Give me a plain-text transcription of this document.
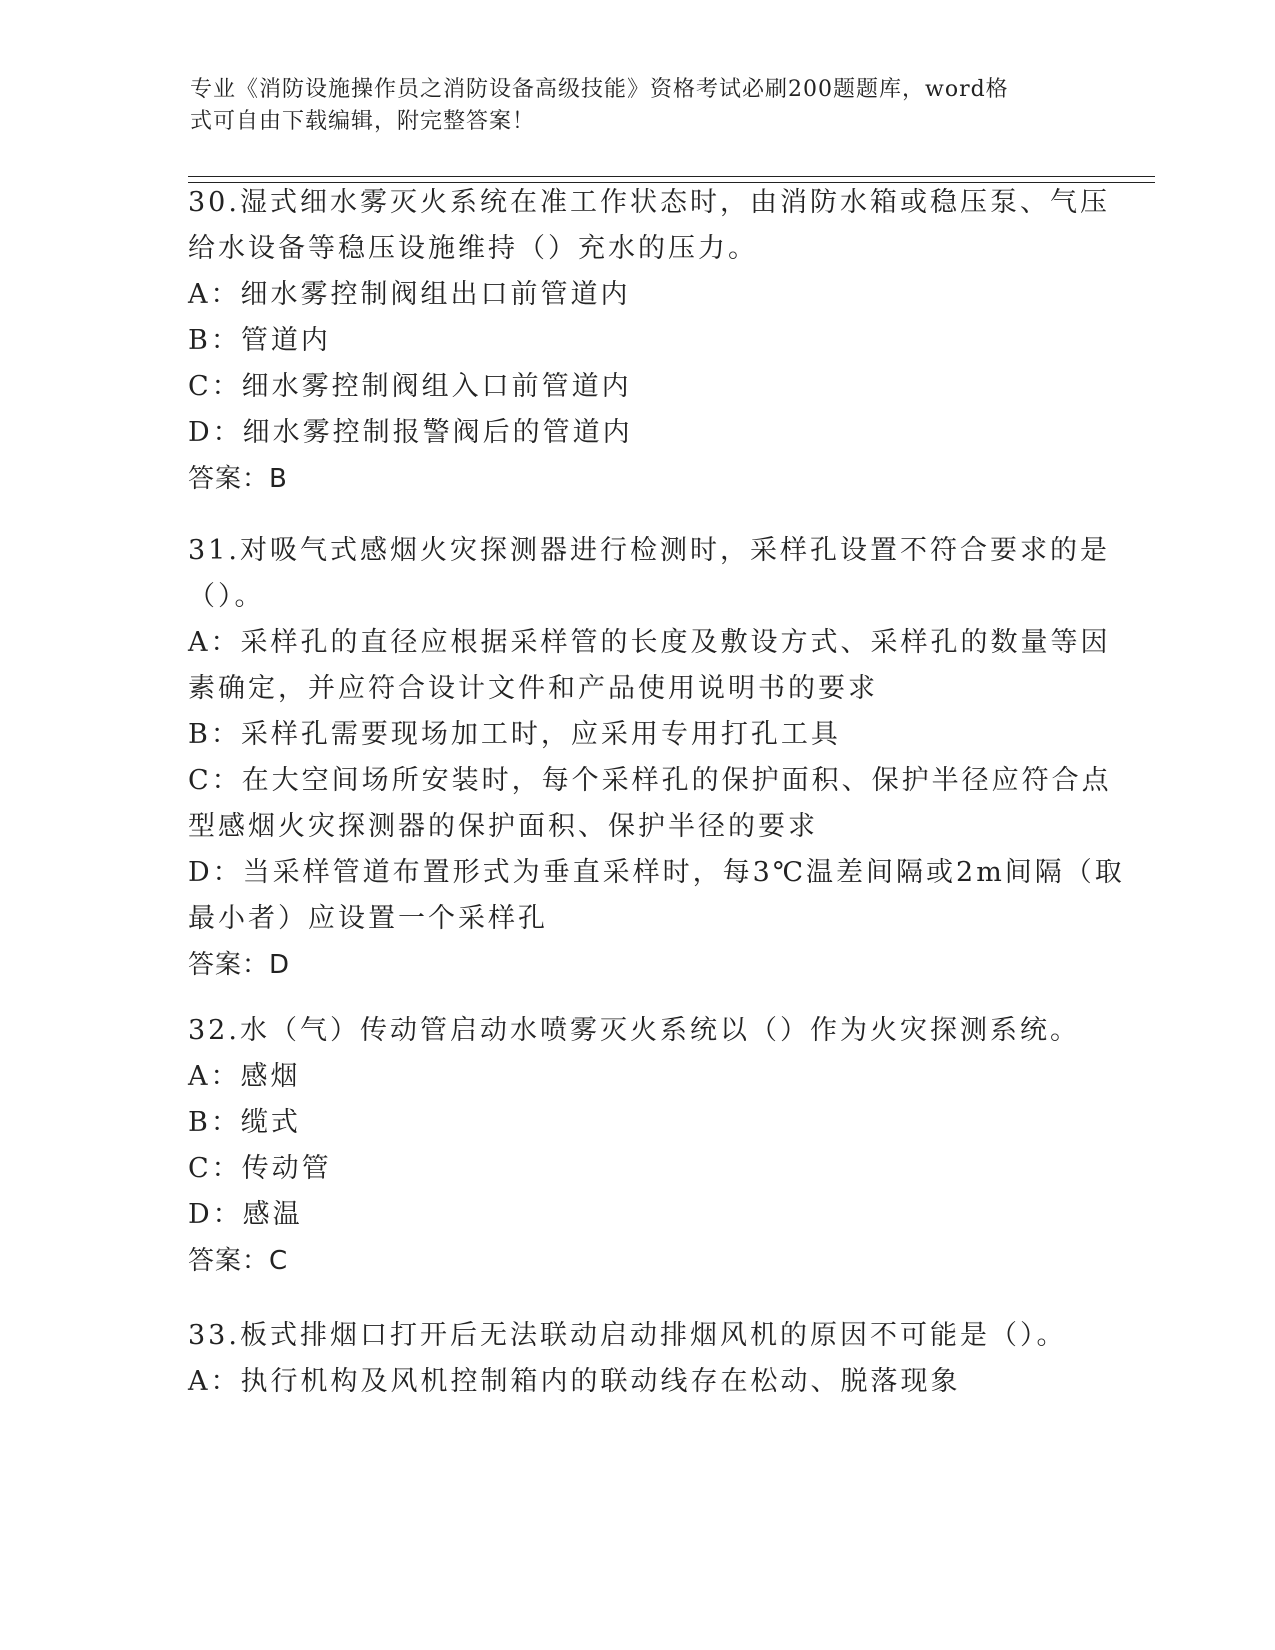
专业《消防设施操作员之消防设备高级技能》资格考试必刷200题题库，word格
式可自由下载编辑，附完整答案！
30.湿式细水雾灭火系统在准工作状态时，由消防水箱或稳压泵、气压
给水设备等稳压设施维持（）充水的压力。
A：细水雾控制阀组出口前管道内
B：管道内
C：细水雾控制阀组入口前管道内
D：细水雾控制报警阀后的管道内
答案：B
31.对吸气式感烟火灾探测器进行检测时，采样孔设置不符合要求的是
（）。
A：采样孔的直径应根据采样管的长度及敷设方式、采样孔的数量等因
素确定，并应符合设计文件和产品使用说明书的要求
B：采样孔需要现场加工时，应采用专用打孔工具
C：在大空间场所安装时，每个采样孔的保护面积、保护半径应符合点
型感烟火灾探测器的保护面积、保护半径的要求
D：当采样管道布置形式为垂直采样时，每3℃温差间隔或2m间隔（取
最小者）应设置一个采样孔
答案：D
32.水（气）传动管启动水喷雾灭火系统以（）作为火灾探测系统。
A：感烟
B：缆式
C：传动管
D：感温
答案：C
33.板式排烟口打开后无法联动启动排烟风机的原因不可能是（）。
A：执行机构及风机控制箱内的联动线存在松动、脱落现象
